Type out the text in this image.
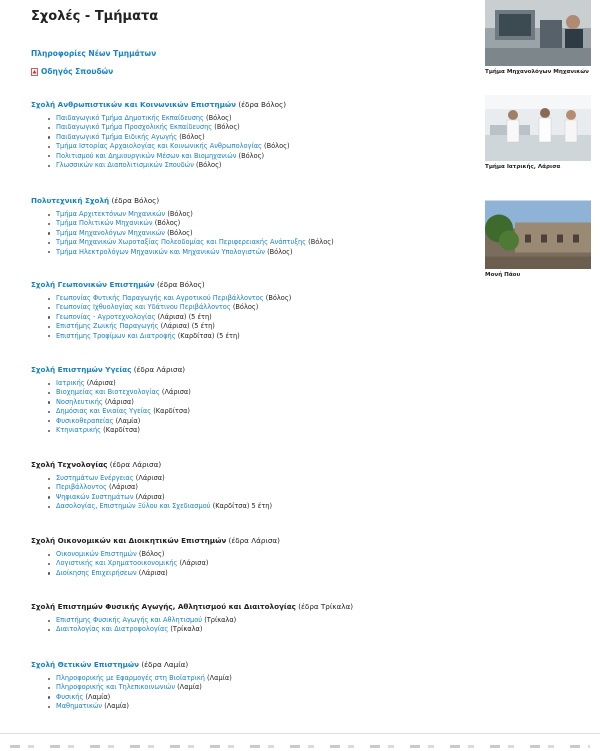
Σχολές - Τμήματα
Πληροφορίες Νέων Τμημάτων
Οδηγός Σπουδών

Σχολή Ανθρωπιστικών και Κοινωνικών Επιστημών (έδρα Βόλος)

Παιδαγωγικό Τμήμα Δημοτικής Εκπαίδευσης (Βόλος)
Παιδαγωγικό Τμήμα Προσχολικής Εκπαίδευσης (Βόλος)
Παιδαγωγικό Τμήμα Ειδικής Αγωγής (Βόλος)
Τμήμα Ιστορίας Αρχαιολογίας και Κοινωνικής Ανθρωπολογίας (Βόλος)
Πολιτισμού και Δημιουργικών Μέσων και Βιομηχανιών (Βόλος)
Γλωσσικών και Διαπολιτισμικών Σπουδών (Βόλος)

Πολυτεχνική Σχολή (έδρα Βόλος)

Τμήμα Αρχιτεκτόνων Μηχανικών (Βόλος)
Τμήμα Πολιτικών Μηχανικών (Βόλος)
Τμήμα Μηχανολόγων Μηχανικών (Βόλος)
Τμήμα Μηχανικών Χωροταξίας Πολεοδομίας και Περιφερειακής Ανάπτυξης (Βόλος)
Τμήμα Ηλεκτρολόγων Μηχανικών και Μηχανικών Υπολογιστών (Βόλος)

Σχολή Γεωπονικών Επιστημών (έδρα Βόλος)

Γεωπονίας Φυτικής Παραγωγής και Αγροτικού Περιβάλλοντος (Βόλος)
Γεωπονίας Ιχθυολογίας και Υδάτινου Περιβάλλοντος (Βόλος)
Γεωπονίας - Αγροτεχνολογίας (Λάρισα) (5 έτη)
Επιστήμης Ζωικής Παραγωγής (Λάρισα) (5 έτη)
Επιστήμης Τροφίμων και Διατροφής (Καρδίτσα) (5 έτη)

Σχολή Επιστημών Υγείας (έδρα Λάρισα)

Ιατρικής (Λάρισα)
Βιοχημείας και Βιοτεχνολογίας (Λάρισα)
Νοσηλευτικής (Λάρισα)
Δημόσιας και Ενιαίας Υγείας (Καρδίτσα)
Φυσικοθεραπείας (Λαμία)
Κτηνιατρικής (Καρδίτσα)

Σχολή Τεχνολογίας (έδρα Λάρισα)

Συστημάτων Ενέργειας (Λάρισα)
Περιβάλλοντος (Λάρισα)
Ψηφιακών Συστημάτων (Λάρισα)
Δασολογίας, Επιστημών Ξύλου και Σχεδιασμού (Καρδίτσα) 5 έτη)

Σχολή Οικονομικών και Διοικητικών Επιστημών (έδρα Λάρισα)

Οικονομικών Επιστημών (Βόλος)
Λογιστικής και Χρηματοοικονομικής (Λάρισα)
Διοίκησης Επιχειρήσεων (Λάρισα)

Σχολή Επιστημών Φυσικής Αγωγής, Αθλητισμού και Διαιτολογίας (έδρα Τρίκαλα)

Επιστήμης Φυσικής Αγωγής και Αθλητισμού (Τρίκαλα)
Διαιτολογίας και Διατροφολογίας (Τρίκαλα)

Σχολή Θετικών Επιστημών (έδρα Λαμία)

Πληροφορικής με Εφαρμογές στη Βιοϊατρική (Λαμία)
Πληροφορικής και Τηλεπικοινωνιών (Λαμία)
Φυσικής (Λαμία)
Μαθηματικών (Λαμία)
Τμήμα Μηχανολόγων Μηχανικών
Τμήμα Ιατρικής, Λάρισα
Μονή Πάου
